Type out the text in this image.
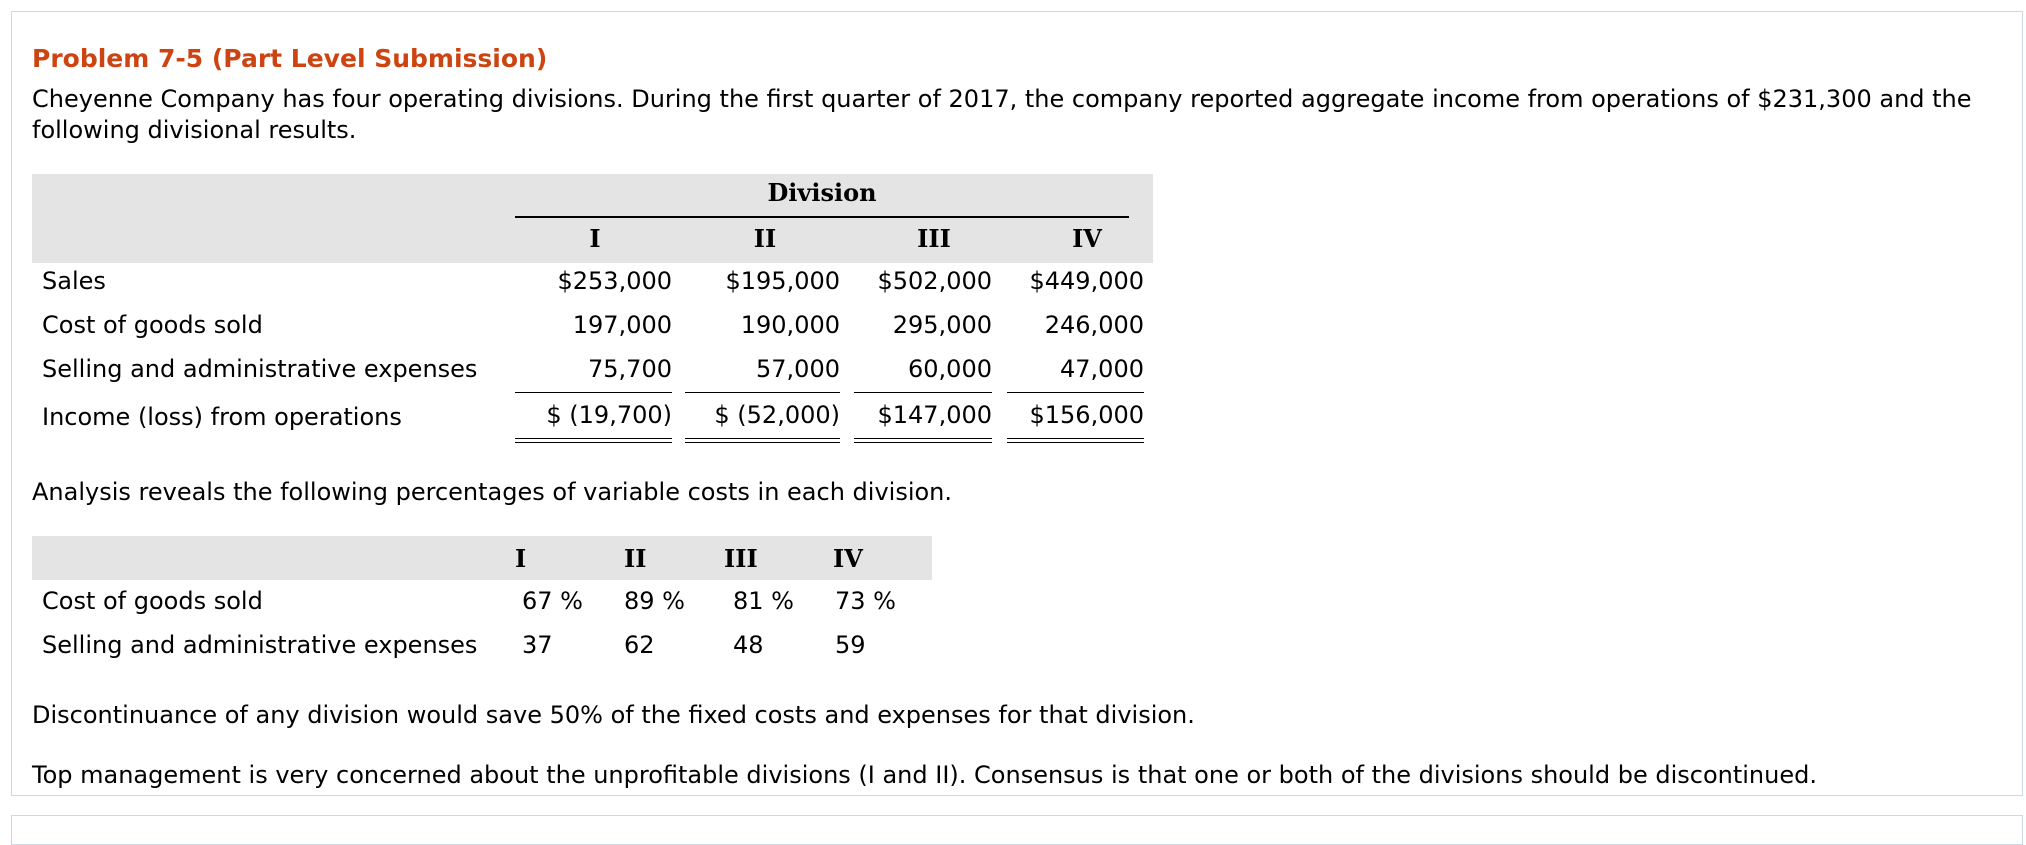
Problem 7-5 (Part Level Submission)

Cheyenne Company has four operating divisions. During the first quarter of 2017, the company reported aggregate income from operations of $231,300 and the following divisional results.

Division
I	II	III	IV
Sales	$253,000	$195,000	$502,000	$449,000
Cost of goods sold	197,000	190,000	295,000	246,000
Selling and administrative expenses	75,700	57,000	60,000	47,000
Income (loss) from operations	$ (19,700)	$ (52,000)	$147,000	$156,000

Analysis reveals the following percentages of variable costs in each division.

I	II	III	IV
Cost of goods sold	67 % 89 % 81 % 73 %
Selling and administrative expenses 37	62	48	59

Discontinuance of any division would save 50% of the fixed costs and expenses for that division.

Top management is very concerned about the unprofitable divisions (I and II). Consensus is that one or both of the divisions should be discontinued.
